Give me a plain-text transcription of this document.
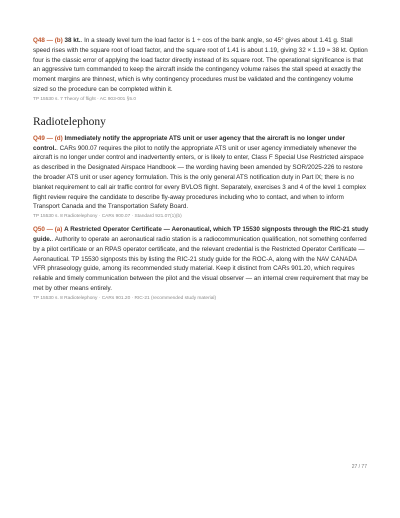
Q48 — (b) 38 kt.. In a steady level turn the load factor is 1 ÷ cos of the bank angle, so 45° gives about 1.41 g. Stall speed rises with the square root of load factor, and the square root of 1.41 is about 1.19, giving 32 × 1.19 ≈ 38 kt. Option four is the classic error of applying the load factor directly instead of its square root. The operational significance is that an aggressive turn commanded to keep the aircraft inside the contingency volume raises the stall speed at exactly the moment margins are thinnest, which is why contingency procedures must be validated and the contingency volume sized so the procedure can be completed within it.

TP 15530 s. 7 Theory of flight · AC 903-001 §5.0

Radiotelephony

Q49 — (d) Immediately notify the appropriate ATS unit or user agency that the aircraft is no longer under control.. CARs 900.07 requires the pilot to notify the appropriate ATS unit or user agency immediately whenever the aircraft is no longer under control and inadvertently enters, or is likely to enter, Class F Special Use Restricted airspace as described in the Designated Airspace Handbook — the wording having been amended by SOR/2025-226 to restore the broader ATS unit or user agency formulation. This is the only general ATS notification duty in Part IX; there is no blanket requirement to call air traffic control for every BVLOS flight. Separately, exercises 3 and 4 of the level 1 complex flight review require the candidate to describe fly-away procedures including who to contact, and when to inform Transport Canada and the Transportation Safety Board.

TP 15530 s. 8 Radiotelephony · CARs 900.07 · Standard 921.07(1)(b)

Q50 — (a) A Restricted Operator Certificate — Aeronautical, which TP 15530 signposts through the RIC-21 study guide.. Authority to operate an aeronautical radio station is a radiocommunication qualification, not something conferred by a pilot certificate or an RPAS operator certificate, and the relevant credential is the Restricted Operator Certificate — Aeronautical. TP 15530 signposts this by listing the RIC-21 study guide for the ROC-A, along with the NAV CANADA VFR phraseology guide, among its recommended study material. Keep it distinct from CARs 901.20, which requires reliable and timely communication between the pilot and the visual observer — an internal crew requirement that may be met by other means entirely.

TP 15530 s. 8 Radiotelephony · CARs 901.20 · RIC-21 (recommended study material)

27 / 77
